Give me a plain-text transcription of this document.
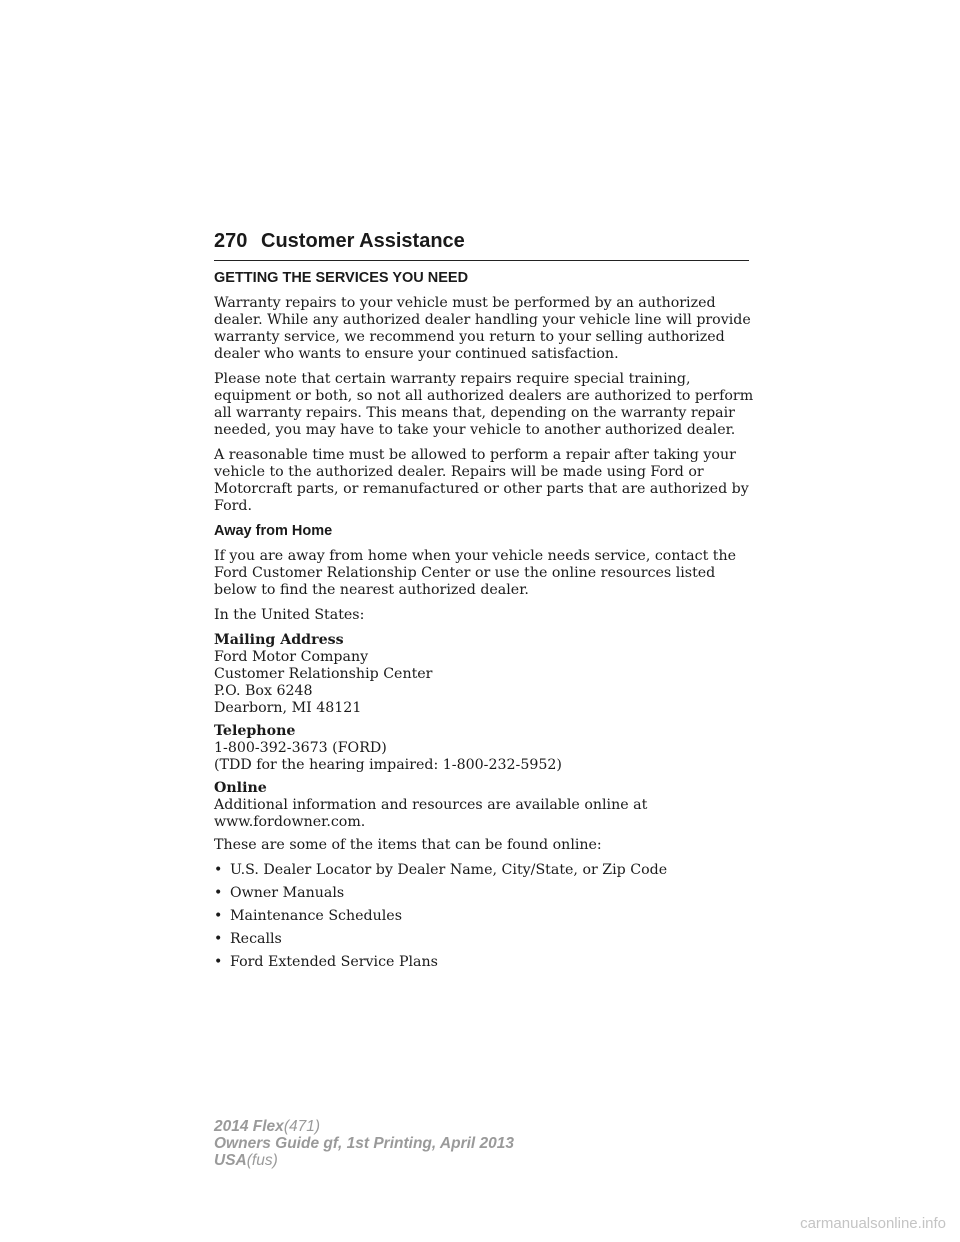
270 Customer Assistance

GETTING THE SERVICES YOU NEED

Warranty repairs to your vehicle must be performed by an authorized dealer. While any authorized dealer handling your vehicle line will provide warranty service, we recommend you return to your selling authorized dealer who wants to ensure your continued satisfaction.

Please note that certain warranty repairs require special training, equipment or both, so not all authorized dealers are authorized to perform all warranty repairs. This means that, depending on the warranty repair needed, you may have to take your vehicle to another authorized dealer.

A reasonable time must be allowed to perform a repair after taking your vehicle to the authorized dealer. Repairs will be made using Ford or Motorcraft parts, or remanufactured or other parts that are authorized by Ford.

Away from Home

If you are away from home when your vehicle needs service, contact the Ford Customer Relationship Center or use the online resources listed below to find the nearest authorized dealer.

In the United States:

Mailing Address
Ford Motor Company
Customer Relationship Center
P.O. Box 6248
Dearborn, MI 48121
Telephone
1-800-392-3673 (FORD)
(TDD for the hearing impaired: 1-800-232-5952)
Online
Additional information and resources are available online at
www.fordowner.com.

These are some of the items that can be found online:

• U.S. Dealer Locator by Dealer Name, City/State, or Zip Code
• Owner Manuals
• Maintenance Schedules
• Recalls
• Ford Extended Service Plans
2014 Flex(471)
Owners Guide gf, 1st Printing, April 2013
USA(fus)
carmanualsonline.info
